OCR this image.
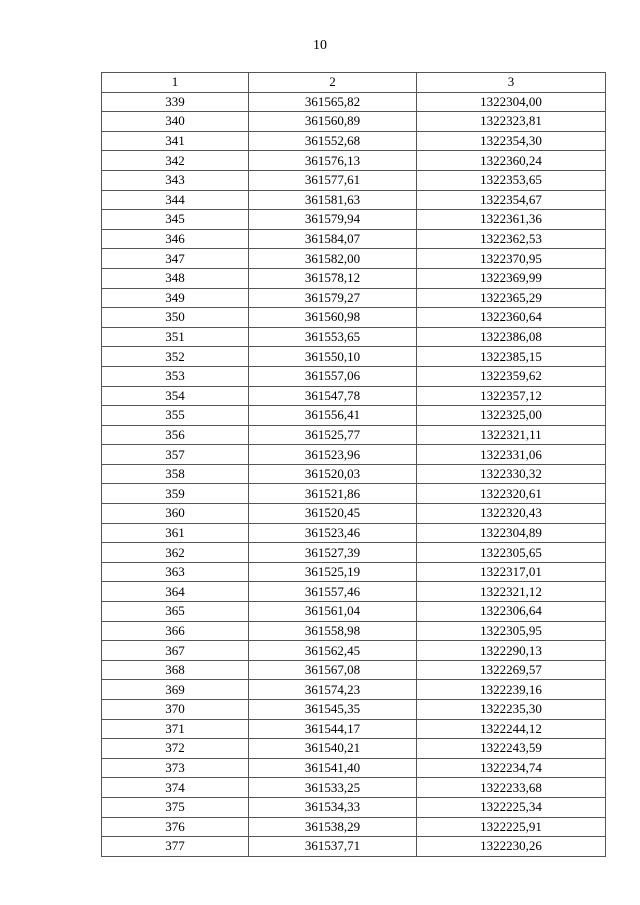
10
1	2	3
339	361565,82	1322304,00
340	361560,89	1322323,81
341	361552,68	1322354,30
342	361576,13	1322360,24
343	361577,61	1322353,65
344	361581,63	1322354,67
345	361579,94	1322361,36
346	361584,07	1322362,53
347	361582,00	1322370,95
348	361578,12	1322369,99
349	361579,27	1322365,29
350	361560,98	1322360,64
351	361553,65	1322386,08
352	361550,10	1322385,15
353	361557,06	1322359,62
354	361547,78	1322357,12
355	361556,41	1322325,00
356	361525,77	1322321,11
357	361523,96	1322331,06
358	361520,03	1322330,32
359	361521,86	1322320,61
360	361520,45	1322320,43
361	361523,46	1322304,89
362	361527,39	1322305,65
363	361525,19	1322317,01
364	361557,46	1322321,12
365	361561,04	1322306,64
366	361558,98	1322305,95
367	361562,45	1322290,13
368	361567,08	1322269,57
369	361574,23	1322239,16
370	361545,35	1322235,30
371	361544,17	1322244,12
372	361540,21	1322243,59
373	361541,40	1322234,74
374	361533,25	1322233,68
375	361534,33	1322225,34
376	361538,29	1322225,91
377	361537,71	1322230,26
